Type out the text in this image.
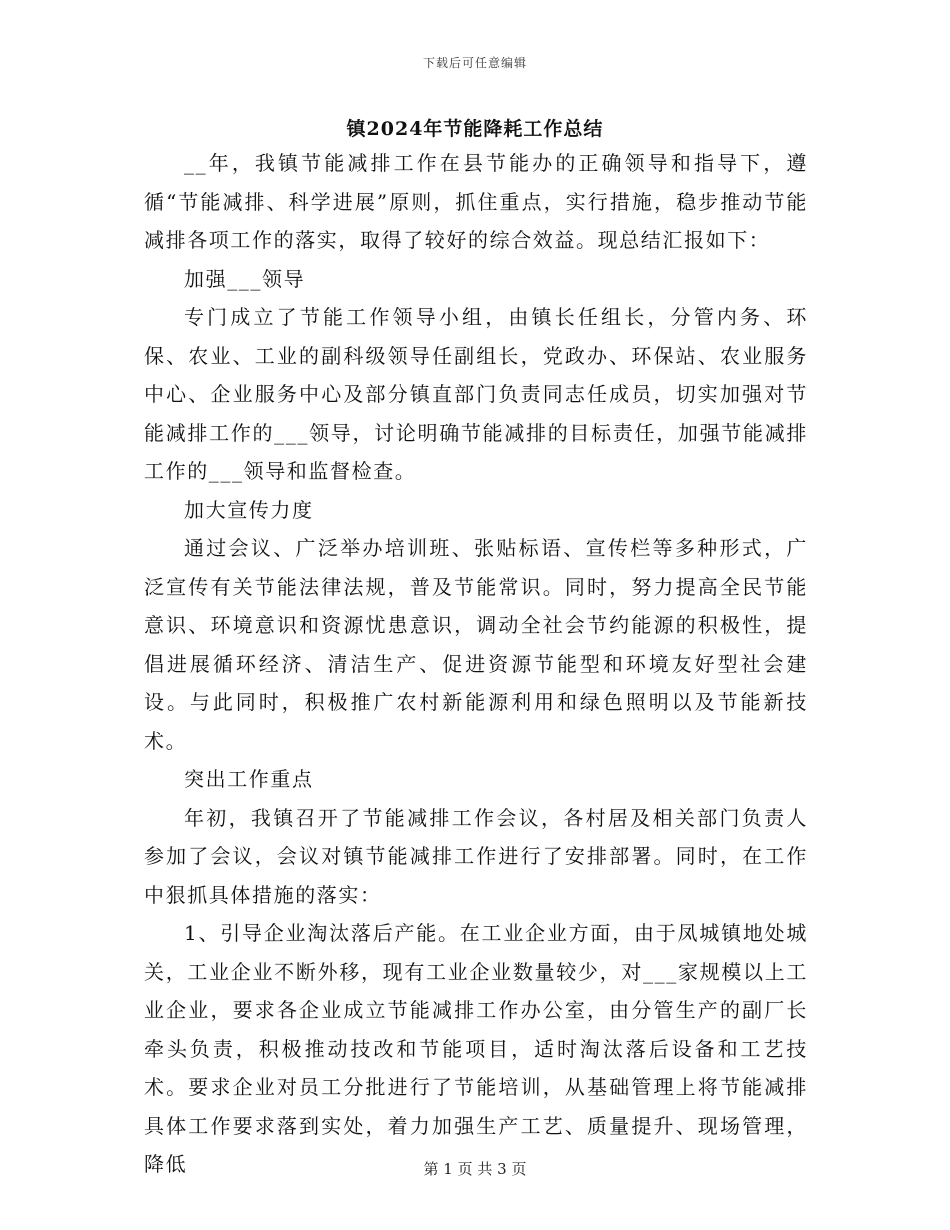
下载后可任意编辑
镇2024年节能降耗工作总结

__年，我镇节能减排工作在县节能办的正确领导和指导下，遵循“节能减排、科学进展”原则，抓住重点，实行措施，稳步推动节能减排各项工作的落实，取得了较好的综合效益。现总结汇报如下：

加强___领导

专门成立了节能工作领导小组，由镇长任组长，分管内务、环保、农业、工业的副科级领导任副组长，党政办、环保站、农业服务中心、企业服务中心及部分镇直部门负责同志任成员，切实加强对节能减排工作的___领导，讨论明确节能减排的目标责任，加强节能减排工作的___领导和监督检查。

加大宣传力度

通过会议、广泛举办培训班、张贴标语、宣传栏等多种形式，广泛宣传有关节能法律法规，普及节能常识。同时，努力提高全民节能意识、环境意识和资源忧患意识，调动全社会节约能源的积极性，提倡进展循环经济、清洁生产、促进资源节能型和环境友好型社会建设。与此同时，积极推广农村新能源利用和绿色照明以及节能新技术。

突出工作重点

年初，我镇召开了节能减排工作会议，各村居及相关部门负责人参加了会议，会议对镇节能减排工作进行了安排部署。同时，在工作中狠抓具体措施的落实：

1、引导企业淘汰落后产能。在工业企业方面，由于凤城镇地处城关，工业企业不断外移，现有工业企业数量较少，对___家规模以上工业企业，要求各企业成立节能减排工作办公室，由分管生产的副厂长牵头负责，积极推动技改和节能项目，适时淘汰落后设备和工艺技术。要求企业对员工分批进行了节能培训，从基础管理上将节能减排具体工作要求落到实处，着力加强生产工艺、质量提升、现场管理，降低	第 1 页 共 3 页
